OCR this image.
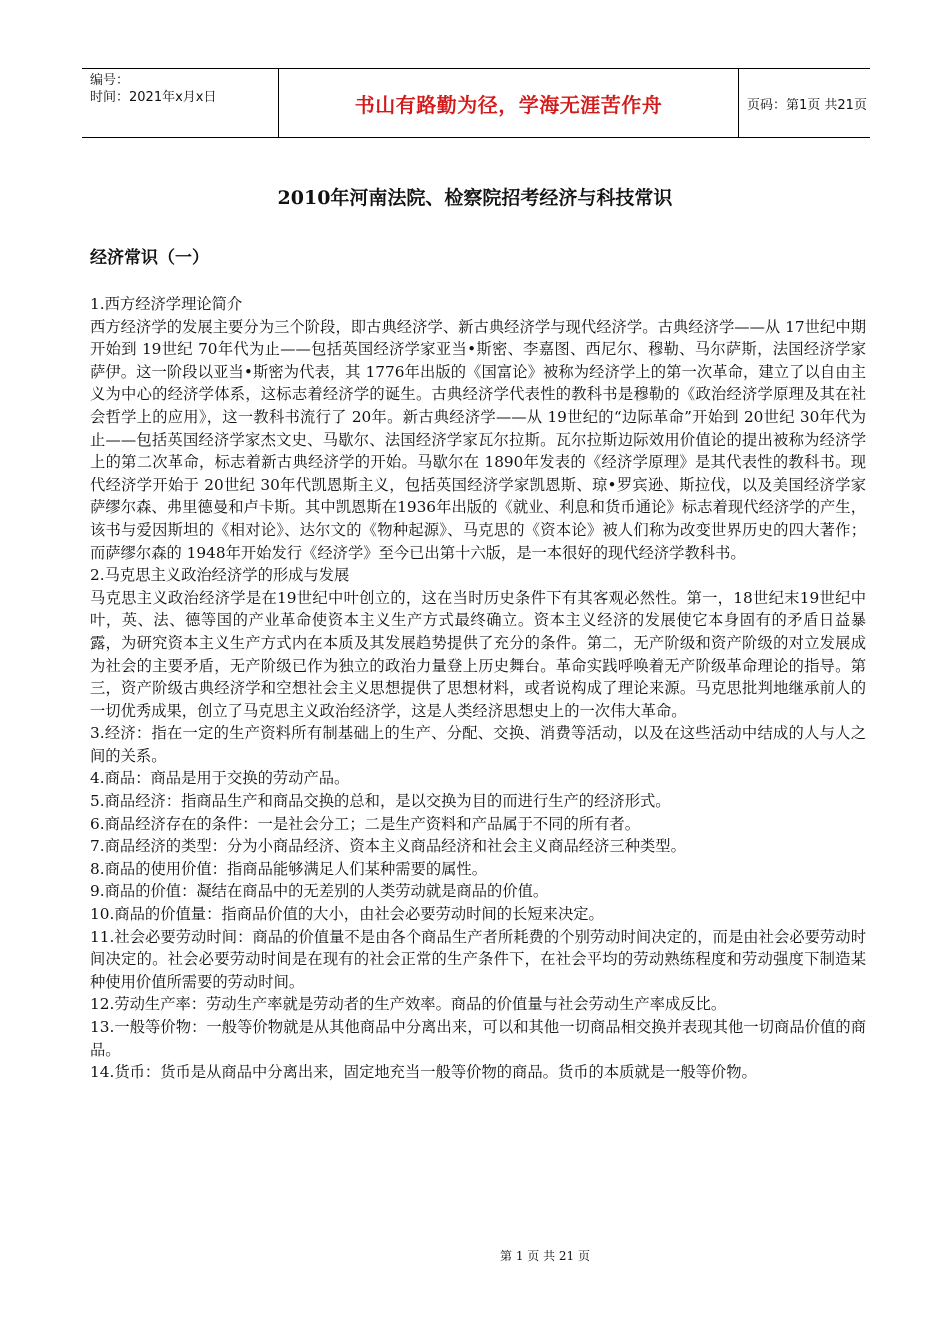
编号：
时间：2021年x月x日	书山有路勤为径，学海无涯苦作舟	页码：第1页 共21页
2010年河南法院、检察院招考经济与科技常识
经济常识（一）

1.西方经济学理论简介

西方经济学的发展主要分为三个阶段，即古典经济学、新古典经济学与现代经济学。古典经济学——从 17世纪中期开始到 19世纪 70年代为止——包括英国经济学家亚当•斯密、李嘉图、西尼尔、穆勒、马尔萨斯，法国经济学家萨伊。这一阶段以亚当•斯密为代表，其 1776年出版的《国富论》被称为经济学上的第一次革命，建立了以自由主义为中心的经济学体系，这标志着经济学的诞生。古典经济学代表性的教科书是穆勒的《政治经济学原理及其在社会哲学上的应用》，这一教科书流行了 20年。新古典经济学——从 19世纪的“边际革命”开始到 20世纪 30年代为止——包括英国经济学家杰文史、马歇尔、法国经济学家瓦尔拉斯。瓦尔拉斯边际效用价值论的提出被称为经济学上的第二次革命，标志着新古典经济学的开始。马歇尔在 1890年发表的《经济学原理》是其代表性的教科书。现代经济学开始于 20世纪 30年代凯恩斯主义，包括英国经济学家凯恩斯、琼•罗宾逊、斯拉伐，以及美国经济学家萨缪尔森、弗里德曼和卢卡斯。其中凯恩斯在1936年出版的《就业、利息和货币通论》标志着现代经济学的产生，该书与爱因斯坦的《相对论》、达尔文的《物种起源》、马克思的《资本论》被人们称为改变世界历史的四大著作；而萨缪尔森的 1948年开始发行《经济学》至今已出第十六版，是一本很好的现代经济学教科书。

2.马克思主义政治经济学的形成与发展

马克思主义政治经济学是在19世纪中叶创立的，这在当时历史条件下有其客观必然性。第一，18世纪末19世纪中叶，英、法、德等国的产业革命使资本主义生产方式最终确立。资本主义经济的发展使它本身固有的矛盾日益暴露，为研究资本主义生产方式内在本质及其发展趋势提供了充分的条件。第二，无产阶级和资产阶级的对立发展成为社会的主要矛盾，无产阶级已作为独立的政治力量登上历史舞台。革命实践呼唤着无产阶级革命理论的指导。第三，资产阶级古典经济学和空想社会主义思想提供了思想材料，或者说构成了理论来源。马克思批判地继承前人的一切优秀成果，创立了马克思主义政治经济学，这是人类经济思想史上的一次伟大革命。

3.经济：指在一定的生产资料所有制基础上的生产、分配、交换、消费等活动，以及在这些活动中结成的人与人之间的关系。

4.商品：商品是用于交换的劳动产品。

5.商品经济：指商品生产和商品交换的总和，是以交换为目的而进行生产的经济形式。

6.商品经济存在的条件：一是社会分工；二是生产资料和产品属于不同的所有者。

7.商品经济的类型：分为小商品经济、资本主义商品经济和社会主义商品经济三种类型。

8.商品的使用价值：指商品能够满足人们某种需要的属性。

9.商品的价值：凝结在商品中的无差别的人类劳动就是商品的价值。

10.商品的价值量：指商品价值的大小，由社会必要劳动时间的长短来决定。

11.社会必要劳动时间：商品的价值量不是由各个商品生产者所耗费的个别劳动时间决定的，而是由社会必要劳动时间决定的。社会必要劳动时间是在现有的社会正常的生产条件下，在社会平均的劳动熟练程度和劳动强度下制造某种使用价值所需要的劳动时间。

12.劳动生产率：劳动生产率就是劳动者的生产效率。商品的价值量与社会劳动生产率成反比。

13.一般等价物：一般等价物就是从其他商品中分离出来，可以和其他一切商品相交换并表现其他一切商品价值的商品。

14.货币：货币是从商品中分离出来，固定地充当一般等价物的商品。货币的本质就是一般等价物。

第 1 页 共 21 页
